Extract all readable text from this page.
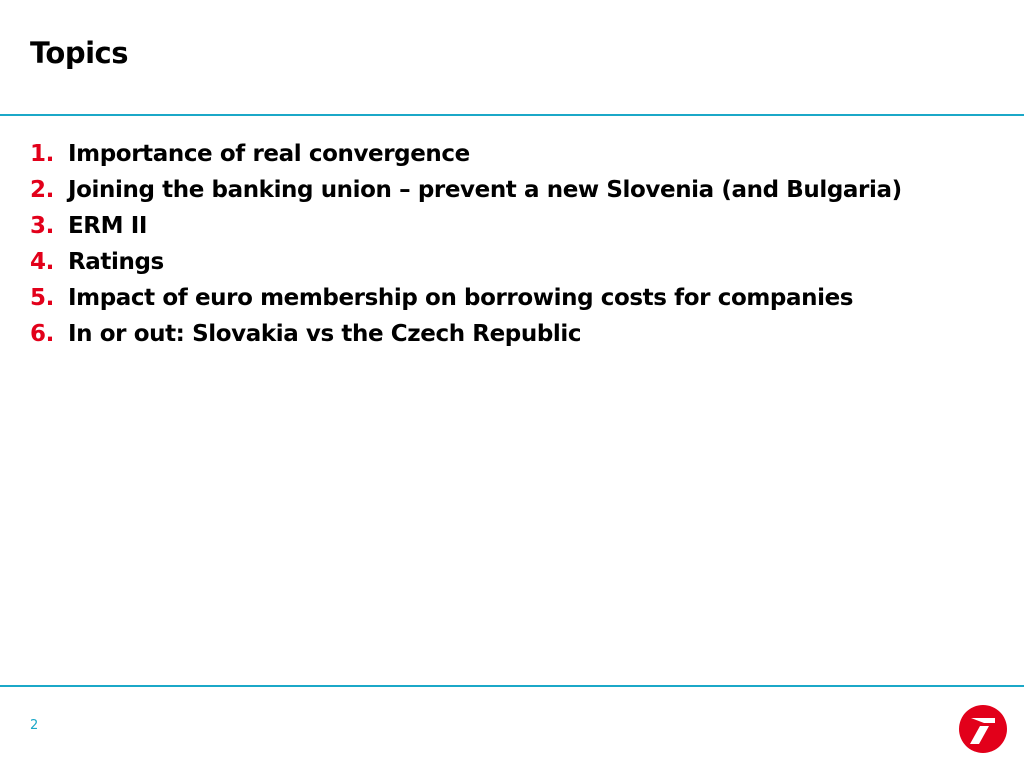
Topics
1. Importance of real convergence
2. Joining the banking union – prevent a new Slovenia (and Bulgaria)
3. ERM II
4. Ratings
5. Impact of euro membership on borrowing costs for companies
6. In or out: Slovakia vs the Czech Republic
2
